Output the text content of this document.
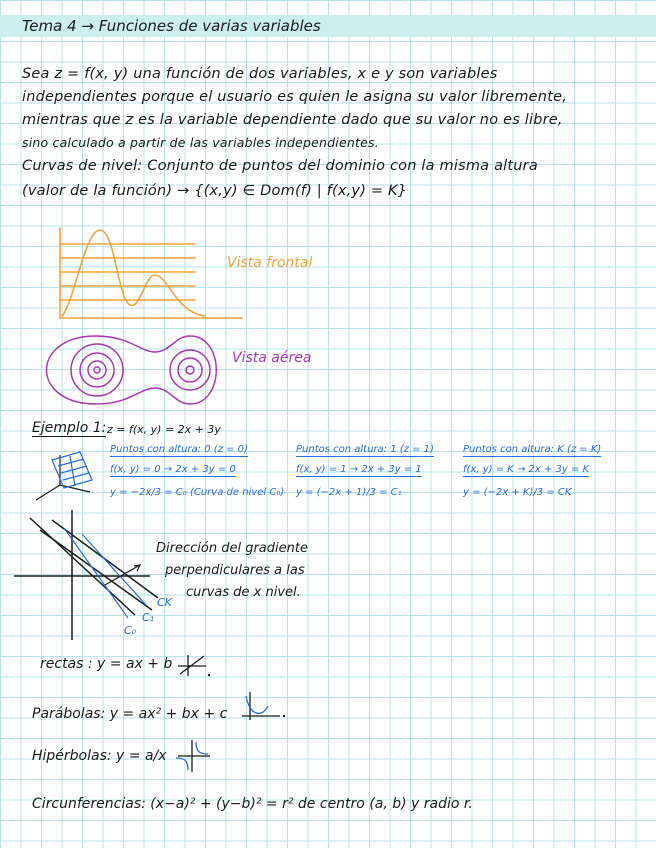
Tema 4 → Funciones de varias variables
Sea z = f(x, y) una función de dos variables, x e y son variables
independientes porque el usuario es quien le asigna su valor libremente,
mientras que z es la variable dependiente dado que su valor no es libre,
sino calculado a partir de las variables independientes.
Curvas de nivel: Conjunto de puntos del dominio con la misma altura
(valor de la función) → {(x,y) ∈ Dom(f) | f(x,y) = K}
Vista frontal
Vista aérea
Ejemplo 1: z = f(x, y) = 2x + 3y
Puntos con altura: 0 (z = 0)
f(x, y) = 0 → 2x + 3y = 0
y = −2x/3 = C₀ (Curva de nivel C₀)
Puntos con altura: 1 (z = 1)
f(x, y) = 1 → 2x + 3y = 1
y = (−2x + 1)/3 = C₁
Puntos con altura: K (z = K)
f(x, y) = K → 2x + 3y = K
y = (−2x + K)/3 = CK
CK
C₁
C₀
Dirección del gradiente
perpendiculares a las
curvas de x nivel.
rectas : y = ax + b
Parábolas: y = ax² + bx + c
Hipérbolas: y = a/x
Circunferencias: (x−a)² + (y−b)² = r² de centro (a, b) y radio r.
